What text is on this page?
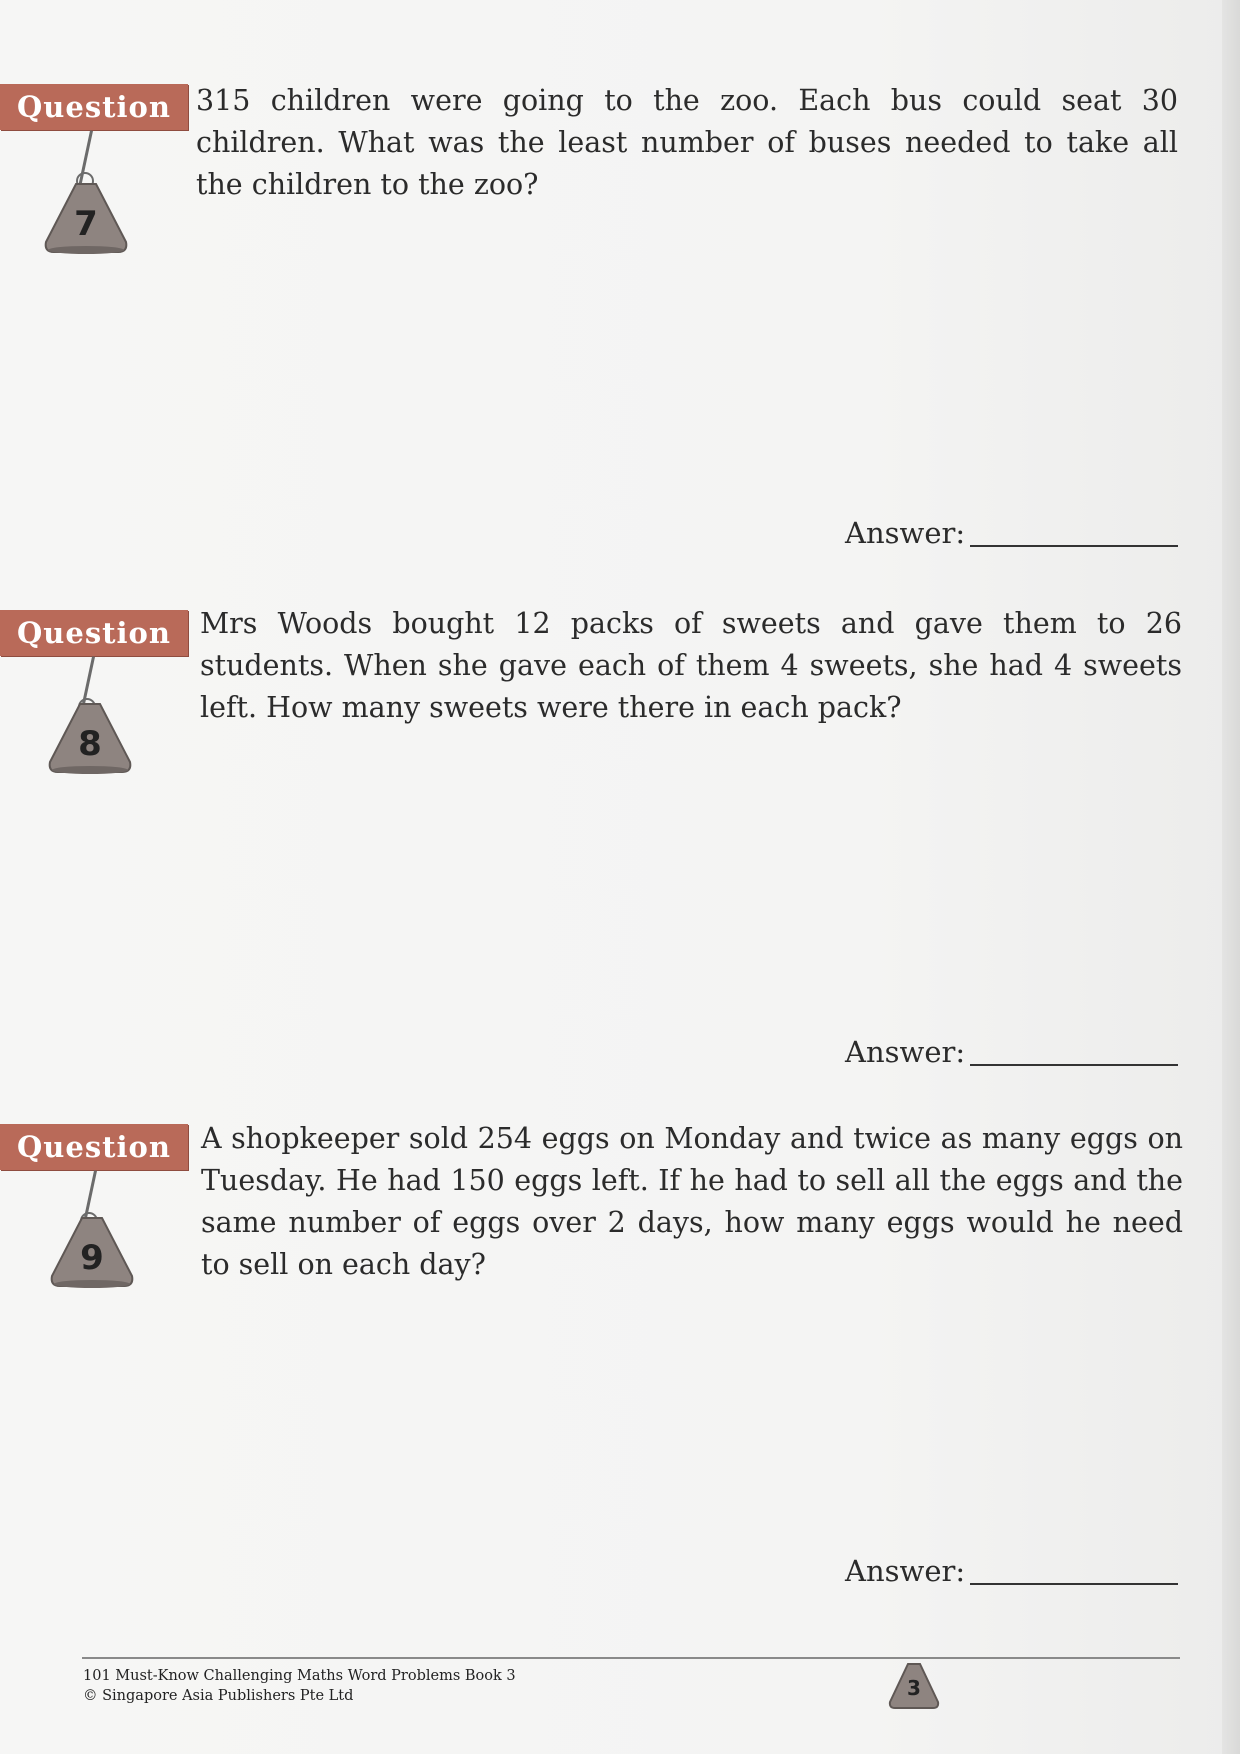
Question
7
315 children were going to the zoo. Each bus could seat 30 children. What was the least number of buses needed to take all the children to the zoo?
Answer:
Question
8
Mrs Woods bought 12 packs of sweets and gave them to 26 students. When she gave each of them 4 sweets, she had 4 sweets left. How many sweets were there in each pack?
Answer:
Question
9
A shopkeeper sold 254 eggs on Monday and twice as many eggs on Tuesday. He had 150 eggs left. If he had to sell all the eggs and the same number of eggs over 2 days, how many eggs would he need to sell on each day?
Answer:
101 Must-Know Challenging Maths Word Problems Book 3
© Singapore Asia Publishers Pte Ltd	3
